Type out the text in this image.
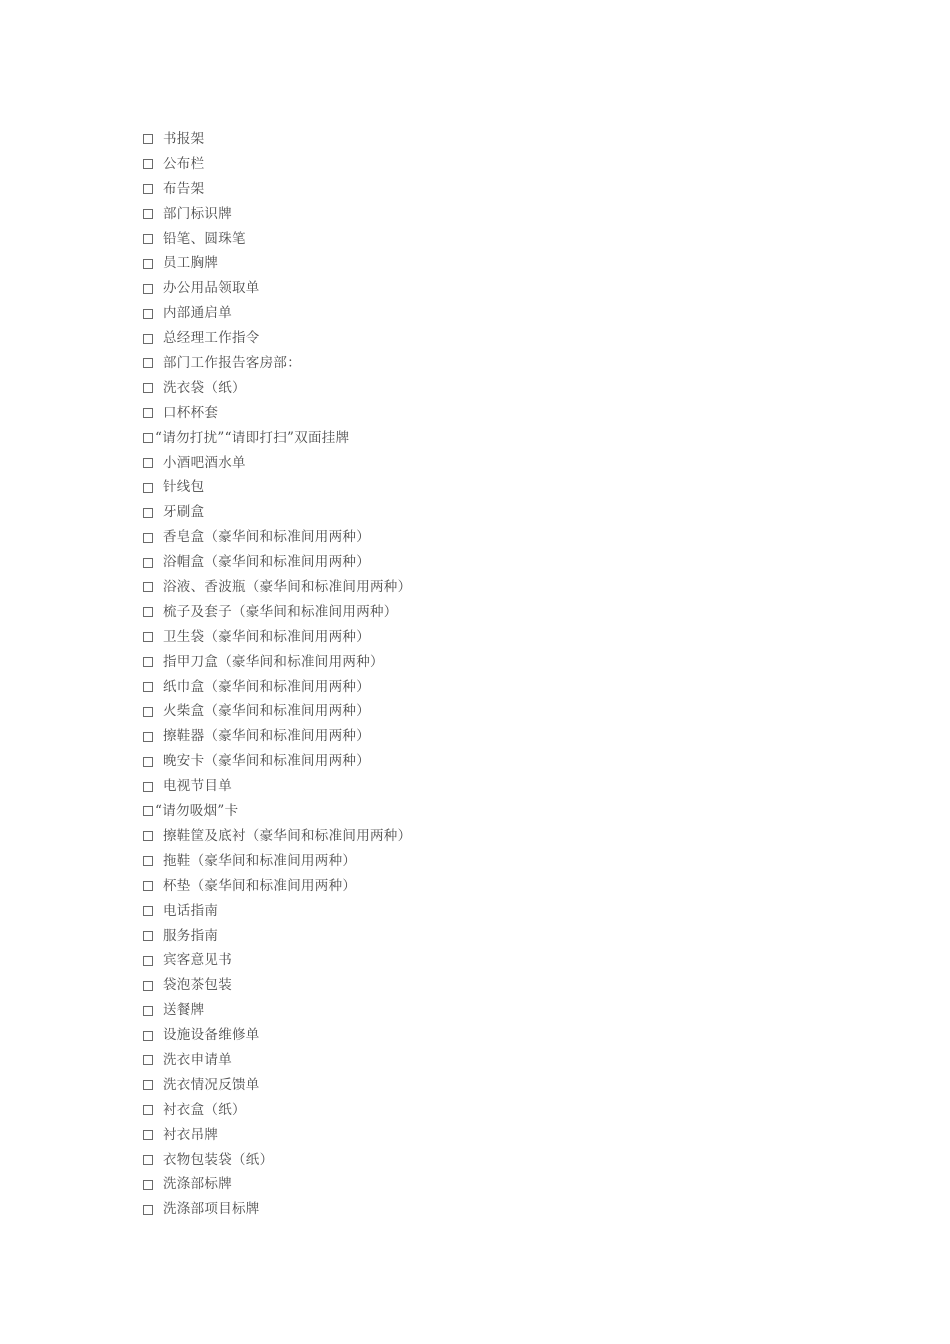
书报架
公布栏
布告架
部门标识牌
铅笔、圆珠笔
员工胸牌
办公用品领取单
内部通启单
总经理工作指令
部门工作报告客房部：
洗衣袋（纸）
口杯杯套
“请勿打扰”“请即打扫”双面挂牌
小酒吧酒水单
针线包
牙刷盒
香皂盒（豪华间和标准间用两种）
浴帽盒（豪华间和标准间用两种）
浴液、香波瓶（豪华间和标准间用两种）
梳子及套子（豪华间和标准间用两种）
卫生袋（豪华间和标准间用两种）
指甲刀盒（豪华间和标准间用两种）
纸巾盒（豪华间和标准间用两种）
火柴盒（豪华间和标准间用两种）
擦鞋器（豪华间和标准间用两种）
晚安卡（豪华间和标准间用两种）
电视节目单
“请勿吸烟”卡
擦鞋筐及底衬（豪华间和标准间用两种）
拖鞋（豪华间和标准间用两种）
杯垫（豪华间和标准间用两种）
电话指南
服务指南
宾客意见书
袋泡茶包装
送餐牌
设施设备维修单
洗衣申请单
洗衣情况反馈单
衬衣盒（纸）
衬衣吊牌
衣物包装袋（纸）
洗涤部标牌
洗涤部项目标牌
